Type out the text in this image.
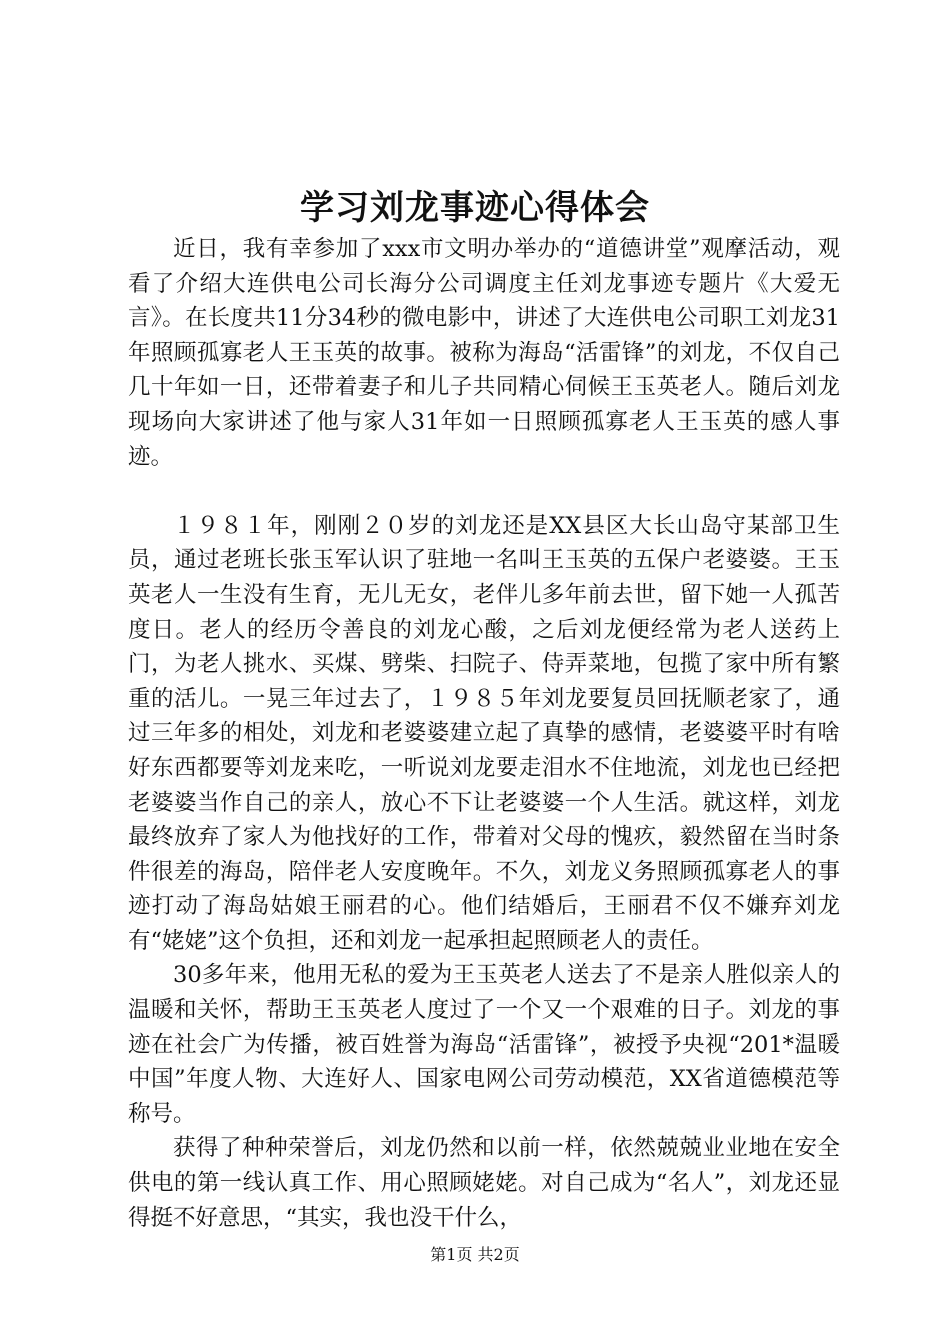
学习刘龙事迹心得体会

近日，我有幸参加了xxx市文明办举办的“道德讲堂”观摩活动，观看了介绍大连供电公司长海分公司调度主任刘龙事迹专题片《大爱无言》。在长度共11分34秒的微电影中，讲述了大连供电公司职工刘龙31年照顾孤寡老人王玉英的故事。被称为海岛“活雷锋”的刘龙，不仅自己几十年如一日，还带着妻子和儿子共同精心伺候王玉英老人。随后刘龙现场向大家讲述了他与家人31年如一日照顾孤寡老人王玉英的感人事迹。

１９８１年，刚刚２０岁的刘龙还是XX县区大长山岛守某部卫生员，通过老班长张玉军认识了驻地一名叫王玉英的五保户老婆婆。王玉英老人一生没有生育，无儿无女，老伴儿多年前去世，留下她一人孤苦度日。老人的经历令善良的刘龙心酸，之后刘龙便经常为老人送药上门，为老人挑水、买煤、劈柴、扫院子、侍弄菜地，包揽了家中所有繁重的活儿。一晃三年过去了，１９８５年刘龙要复员回抚顺老家了，通过三年多的相处，刘龙和老婆婆建立起了真挚的感情，老婆婆平时有啥好东西都要等刘龙来吃，一听说刘龙要走泪水不住地流，刘龙也已经把老婆婆当作自己的亲人，放心不下让老婆婆一个人生活。就这样，刘龙最终放弃了家人为他找好的工作，带着对父母的愧疚，毅然留在当时条件很差的海岛，陪伴老人安度晚年。不久，刘龙义务照顾孤寡老人的事迹打动了海岛姑娘王丽君的心。他们结婚后，王丽君不仅不嫌弃刘龙有“姥姥”这个负担，还和刘龙一起承担起照顾老人的责任。

30多年来，他用无私的爱为王玉英老人送去了不是亲人胜似亲人的温暖和关怀，帮助王玉英老人度过了一个又一个艰难的日子。刘龙的事迹在社会广为传播，被百姓誉为海岛“活雷锋”，被授予央视“201*温暖中国”年度人物、大连好人、国家电网公司劳动模范，XX省道德模范等称号。

获得了种种荣誉后，刘龙仍然和以前一样，依然兢兢业业地在安全供电的第一线认真工作、用心照顾姥姥。对自己成为“名人”，刘龙还显得挺不好意思，“其实，我也没干什么，

第1页 共2页
